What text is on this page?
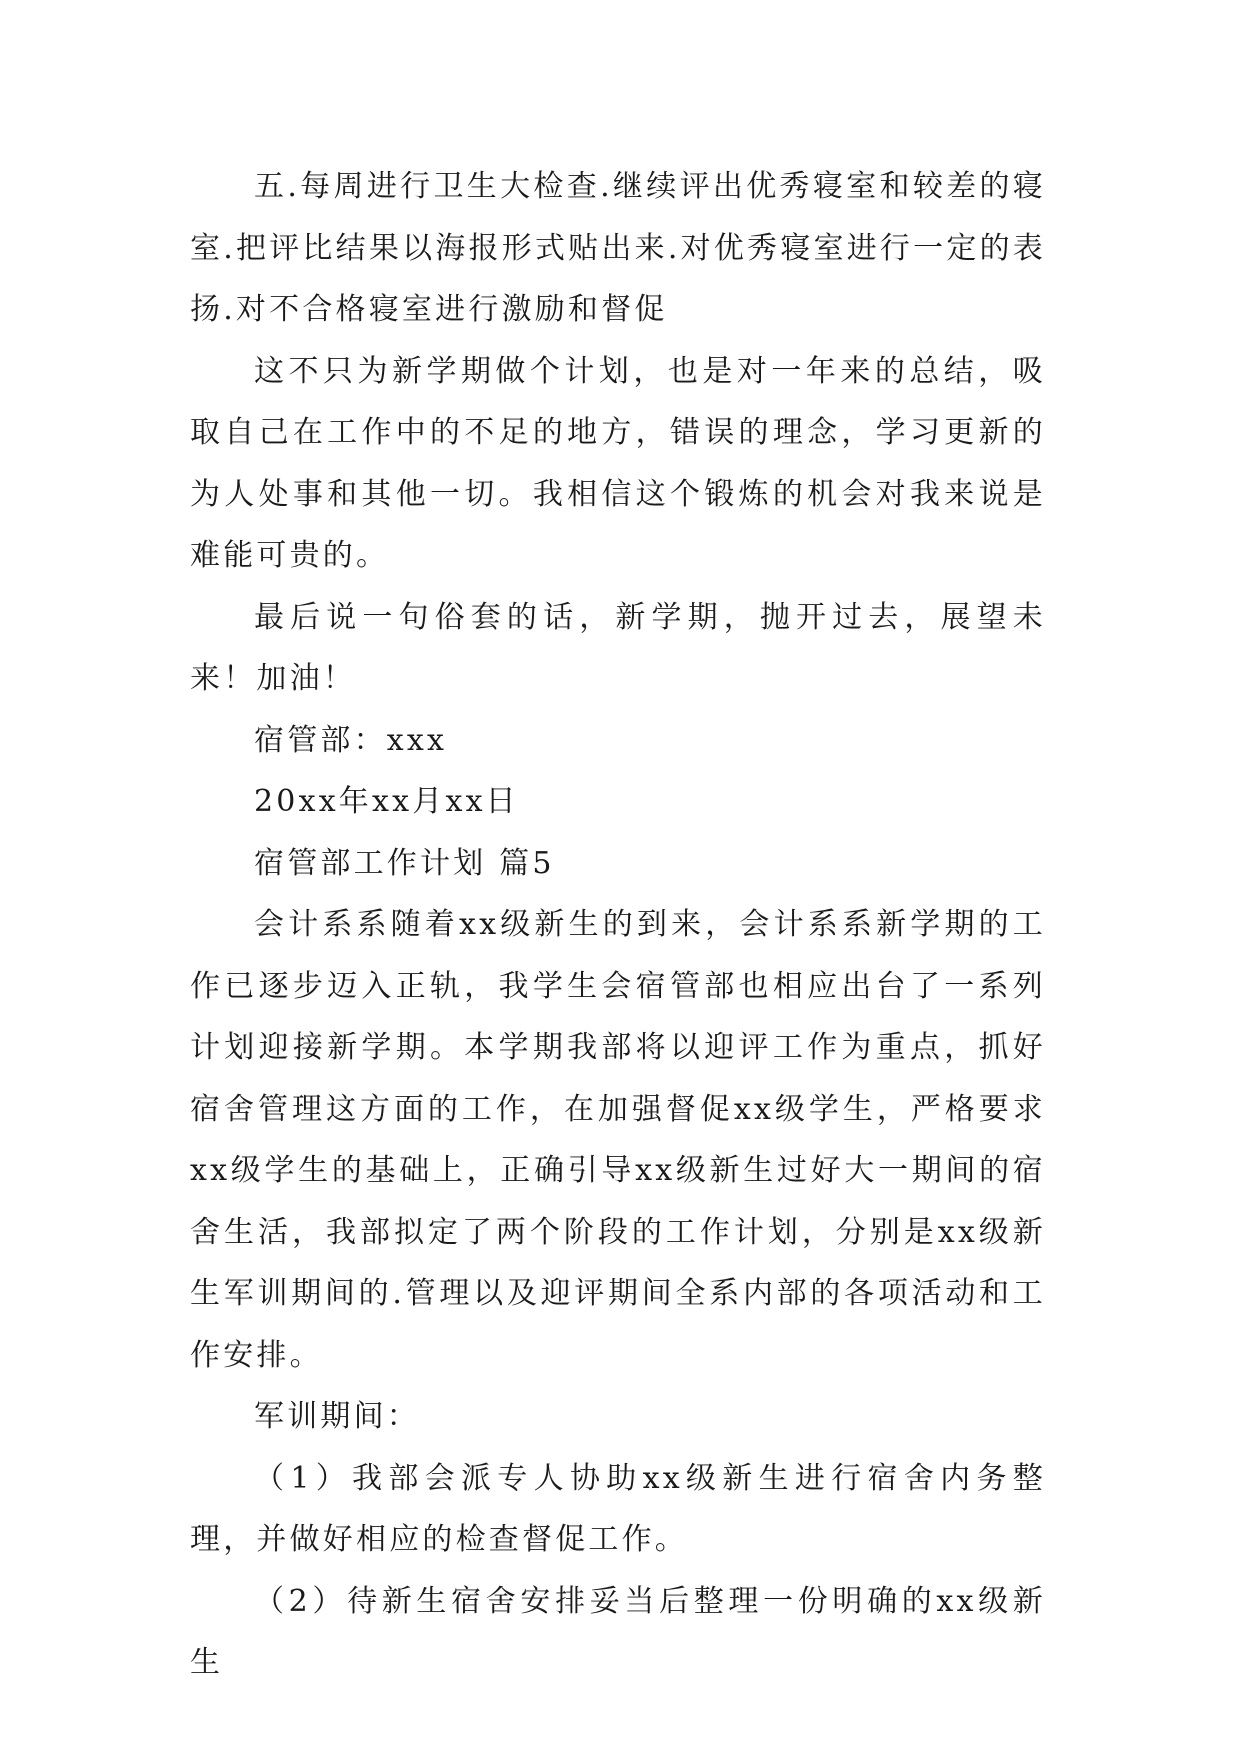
五.每周进行卫生大检查.继续评出优秀寝室和较差的寝室.把评比结果以海报形式贴出来.对优秀寝室进行一定的表扬.对不合格寝室进行激励和督促

这不只为新学期做个计划，也是对一年来的总结，吸取自己在工作中的不足的地方，错误的理念，学习更新的为人处事和其他一切。我相信这个锻炼的机会对我来说是难能可贵的。

最后说一句俗套的话，新学期，抛开过去，展望未来！加油！

宿管部：xxx

20xx年xx月xx日

宿管部工作计划 篇5

会计系系随着xx级新生的到来，会计系系新学期的工作已逐步迈入正轨，我学生会宿管部也相应出台了一系列计划迎接新学期。本学期我部将以迎评工作为重点，抓好宿舍管理这方面的工作，在加强督促xx级学生，严格要求xx级学生的基础上，正确引导xx级新生过好大一期间的宿舍生活，我部拟定了两个阶段的工作计划，分别是xx级新生军训期间的.管理以及迎评期间全系内部的各项活动和工作安排。

军训期间：

（1）我部会派专人协助xx级新生进行宿舍内务整理，并做好相应的检查督促工作。

（2）待新生宿舍安排妥当后整理一份明确的xx级新生
